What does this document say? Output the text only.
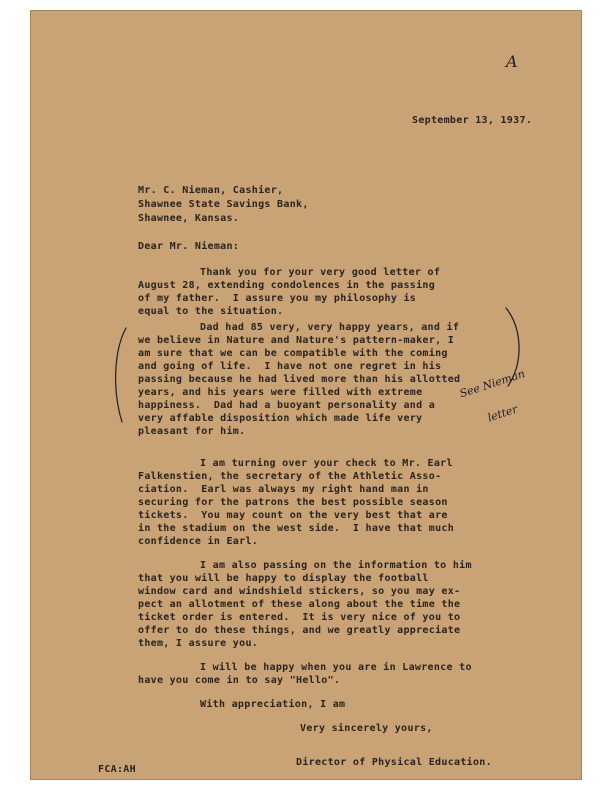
A
September 13, 1937.
Mr. C. Nieman, Cashier,
Shawnee State Savings Bank,
Shawnee, Kansas.
Dear Mr. Nieman:
Thank you for your very good letter of
August 28, extending condolences in the passing
of my father.  I assure you my philosophy is
equal to the situation.
Dad had 85 very, very happy years, and if
we believe in Nature and Nature's pattern-maker, I
am sure that we can be compatible with the coming
and going of life.  I have not one regret in his
passing because he had lived more than his allotted
years, and his years were filled with extreme
happiness.  Dad had a buoyant personality and a
very affable disposition which made life very
pleasant for him.
See Nieman
letter
I am turning over your check to Mr. Earl
Falkenstien, the secretary of the Athletic Asso-
ciation.  Earl was always my right hand man in
securing for the patrons the best possible season
tickets.  You may count on the very best that are
in the stadium on the west side.  I have that much
confidence in Earl.
I am also passing on the information to him
that you will be happy to display the football
window card and windshield stickers, so you may ex-
pect an allotment of these along about the time the
ticket order is entered.  It is very nice of you to
offer to do these things, and we greatly appreciate
them, I assure you.
I will be happy when you are in Lawrence to
have you come in to say "Hello".
With appreciation, I am
Very sincerely yours,
Director of Physical Education.
FCA:AH
